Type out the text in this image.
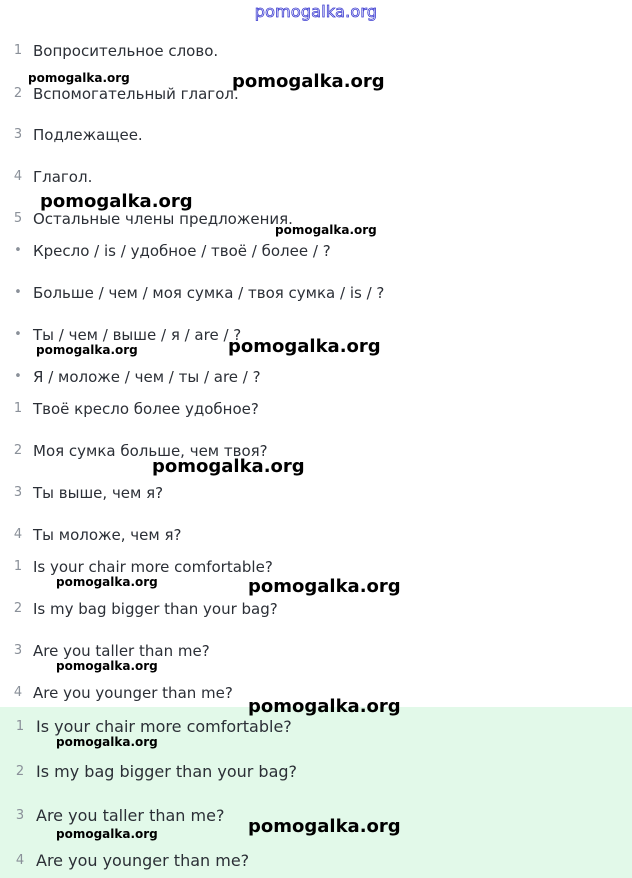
pomogalka.org
1 Вопросительное слово.
2 Вспомогательный глагол.
3 Подлежащее.
4 Глагол.
5 Остальные члены предложения.
• Кресло / is / удобное / твоё / более / ?
• Больше / чем / моя сумка / твоя сумка / is / ?
• Ты / чем / выше / я / are / ?
• Я / моложе / чем / ты / are / ?
1 Твоё кресло более удобное?
2 Моя сумка больше, чем твоя?
3 Ты выше, чем я?
4 Ты моложе, чем я?
1 Is your chair more comfortable?
2 Is my bag bigger than your bag?
3 Are you taller than me?
4 Are you younger than me?
1 Is your chair more comfortable?
2 Is my bag bigger than your bag?
3 Are you taller than me?
4 Are you younger than me?
pomogalka.org	pomogalka.org
pomogalka.org
pomogalka.org
pomogalka.org	pomogalka.org
pomogalka.org
pomogalka.org	pomogalka.org
pomogalka.org
pomogalka.org
pomogalka.org
pomogalka.org
pomogalka.org
